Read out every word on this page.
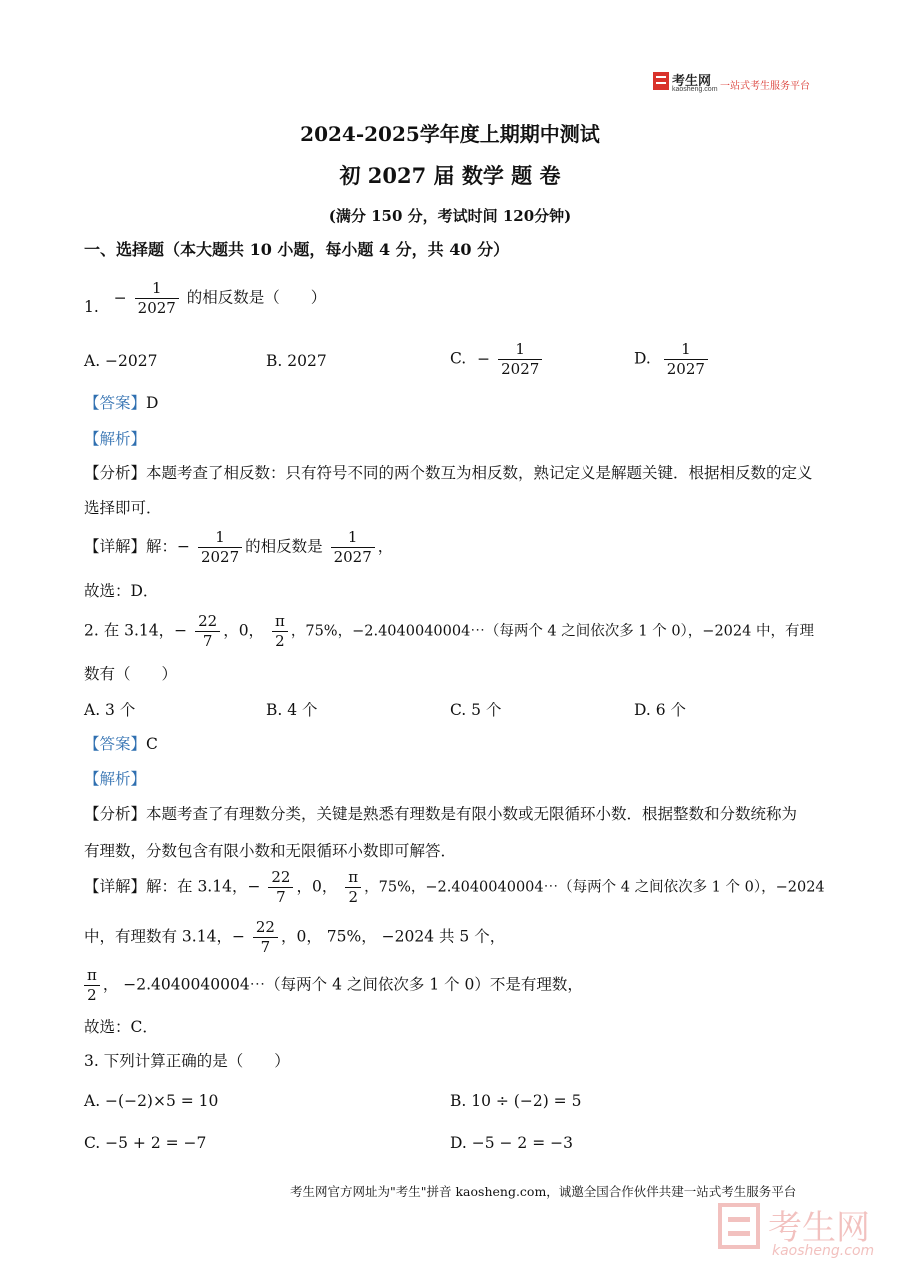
考生网
kaosheng.com 一站式考生服务平台
2024-2025学年度上期期中测试
初 2027 届 数学 题 卷
(满分 150 分，考试时间 120分钟)
一、选择题（本大题共 10 小题，每小题 4 分，共 40 分）
1. − $\frac{1}{2027}$ 的相反数是（　　）
A. −2027	B. 2027	C. − $\frac{1}{2027}$	D. $\frac{1}{2027}$
【答案】D
【解析】
【分析】本题考查了相反数：只有符号不同的两个数互为相反数，熟记定义是解题关键．根据相反数的定义
选择即可．
【详解】解：− $\frac{1}{2027}$ 的相反数是 $\frac{1}{2027}$ ，
故选：D．
2. 在 3.14，− $\frac{22}{7}$ ，0， $\frac{\pi}{2}$ ，75%，−2.4040040004⋯（每两个 4 之间依次多 1 个 0），−2024 中，有理
数有（　　）
A. 3 个	B. 4 个	C. 5 个	D. 6 个
【答案】C
【解析】
【分析】本题考查了有理数分类，关键是熟悉有理数是有限小数或无限循环小数．根据整数和分数统称为
有理数，分数包含有限小数和无限循环小数即可解答．
【详解】解：在 3.14，− $\frac{22}{7}$ ，0， $\frac{\pi}{2}$ ，75%，−2.4040040004⋯（每两个 4 之间依次多 1 个 0），−2024
中，有理数有 3.14，− $\frac{22}{7}$ ，0， 75%， −2024 共 5 个，
$\frac{\pi}{2}$ ， −2.4040040004⋯（每两个 4 之间依次多 1 个 0）不是有理数，
故选：C．
3. 下列计算正确的是（　　）
A. −(−2)×5 = 10	B. 10 ÷ (−2) = 5
C. −5 + 2 = −7	D. −5 − 2 = −3
考生网官方网址为"考生"拼音 kaosheng.com，诚邀全国合作伙伴共建一站式考生服务平台
考生网
kaosheng.com
